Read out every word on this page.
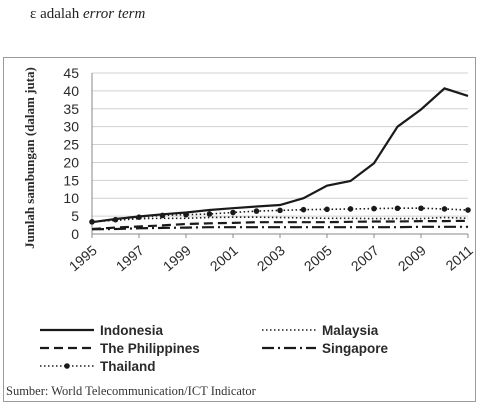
ε adalah error term
0
5
10
15
20
25
30
35
40
45
1995 1997 1999 2001 2003 2005 2007 2009 2011
Jumlah sambungan (dalam juta)
Indonesia	Malaysia
The Philippines	Singapore
Thailand
Sumber: World Telecommunication/ICT Indicator
